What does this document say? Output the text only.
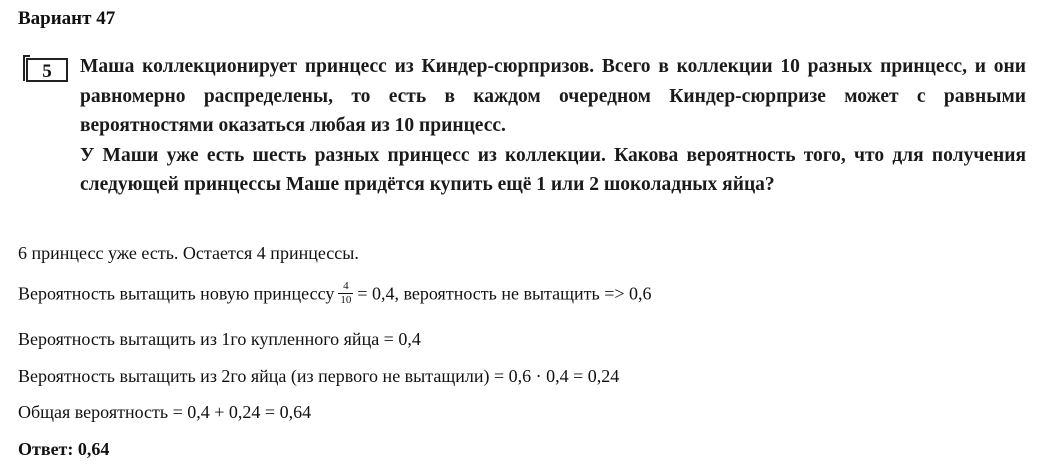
Вариант 47
5	Маша коллекционирует принцесс из Киндер-сюрпризов. Всего в коллекции 10 разных принцесс, и они равномерно распределены, то есть в каждом очередном Киндер-сюрпризе может с равными вероятностями оказаться любая из 10 принцесс.

У Маши уже есть шесть разных принцесс из коллекции. Какова вероятность того, что для получения следующей принцессы Маше придётся купить ещё 1 или 2 шоколадных яйца?

6 принцесс уже есть. Остается 4 принцессы.
Вероятность вытащить новую принцессу $\frac{4}{10} = 0,4$, вероятность не вытащить => 0,6
Вероятность вытащить из 1го купленного яйца = 0,4
Вероятность вытащить из 2го яйца (из первого не вытащили) = 0,6 · 0,4 = 0,24
Общая вероятность = 0,4 + 0,24 = 0,64
Ответ: 0,64
